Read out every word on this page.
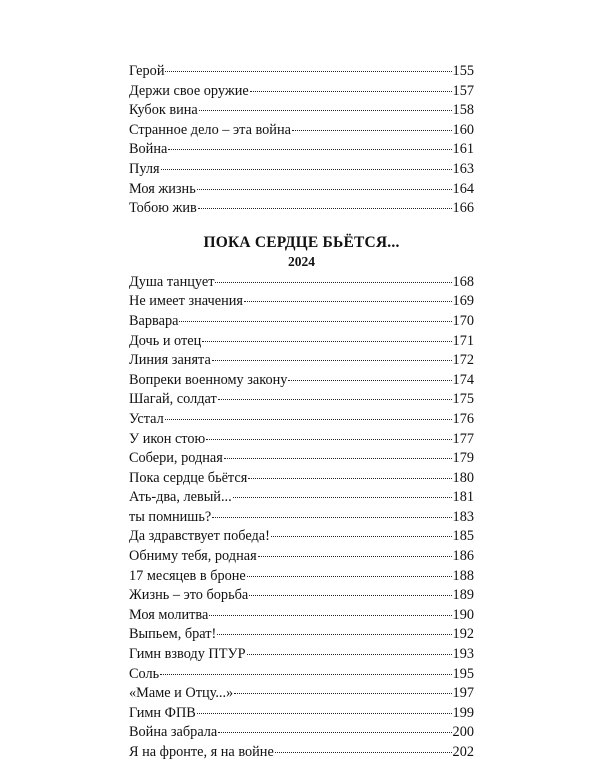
Герой	155
Держи свое оружие	157
Кубок вина	158
Странное дело – эта война	160
Война	161
Пуля	163
Моя жизнь	164
Тобою жив	166
ПОКА СЕРДЦЕ БЬЁТСЯ...
2024
Душа танцует	168
Не имеет значения	169
Варвара	170
Дочь и отец	171
Линия занята	172
Вопреки военному закону	174
Шагай, солдат	175
Устал	176
У икон стою	177
Собери, родная	179
Пока сердце бьётся	180
Ать-два, левый...	181
ты помнишь?	183
Да здравствует победа!	185
Обниму тебя, родная	186
17 месяцев в броне	188
Жизнь – это борьба	189
Моя молитва	190
Выпьем, брат!	192
Гимн взводу ПТУР	193
Соль	195
«Маме и Отцу...»	197
Гимн ФПВ	199
Война забрала	200
Я на фронте, я на войне	202
